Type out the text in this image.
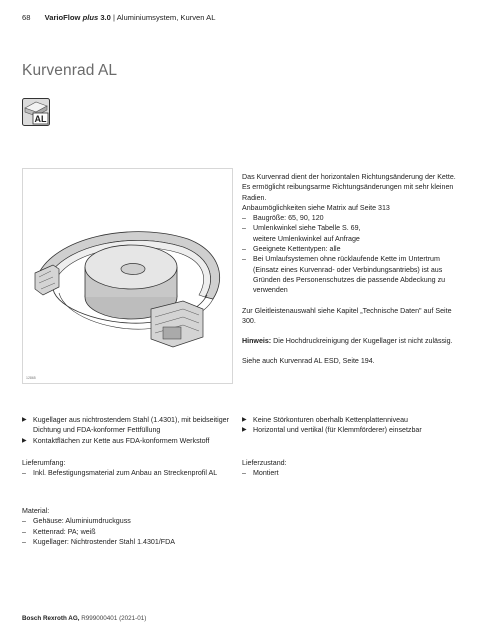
68 VarioFlow plus 3.0 | Aluminiumsystem, Kurven AL
Kurvenrad AL
AL
12865

Das Kurvenrad dient der horizontalen Richtungsänderung der Kette. Es ermöglicht reibungsarme Richtungsänderungen mit sehr kleinen Radien.

Anbaumöglichkeiten siehe Matrix auf Seite 313

– Baugröße: 65, 90, 120
– Umlenkwinkel siehe Tabelle S. 69,
weitere Umlenkwinkel auf Anfrage
– Geeignete Kettentypen: alle
– Bei Umlaufsystemen ohne rücklaufende Kette im Untertrum (Einsatz eines Kurvenrad- oder Verbindungsantriebs) ist aus Gründen des Personenschutzes die passende Abdeckung zu verwenden

Zur Gleitleistenauswahl siehe Kapitel „Technische Daten" auf Seite 300.

Hinweis: Die Hochdruckreinigung der Kugellager ist nicht zulässig.

Siehe auch Kurvenrad AL ESD, Seite 194.

▶ Kugellager aus nichtrostendem Stahl (1.4301), mit beidseitiger Dichtung und FDA-konformer Fettfüllung
▶ Kontaktflächen zur Kette aus FDA-konformem Werkstoff
▶ Keine Störkonturen oberhalb Kettenplattenniveau
▶ Horizontal und vertikal (für Klemmförderer) einsetzbar

Lieferumfang:

– Inkl. Befestigungsmaterial zum Anbau an Streckenprofil AL

Lieferzustand:

– Montiert

Material:

– Gehäuse: Aluminiumdruckguss
– Kettenrad: PA; weiß
– Kugellager: Nichtrostender Stahl 1.4301/FDA
Bosch Rexroth AG, R999000401 (2021-01)
